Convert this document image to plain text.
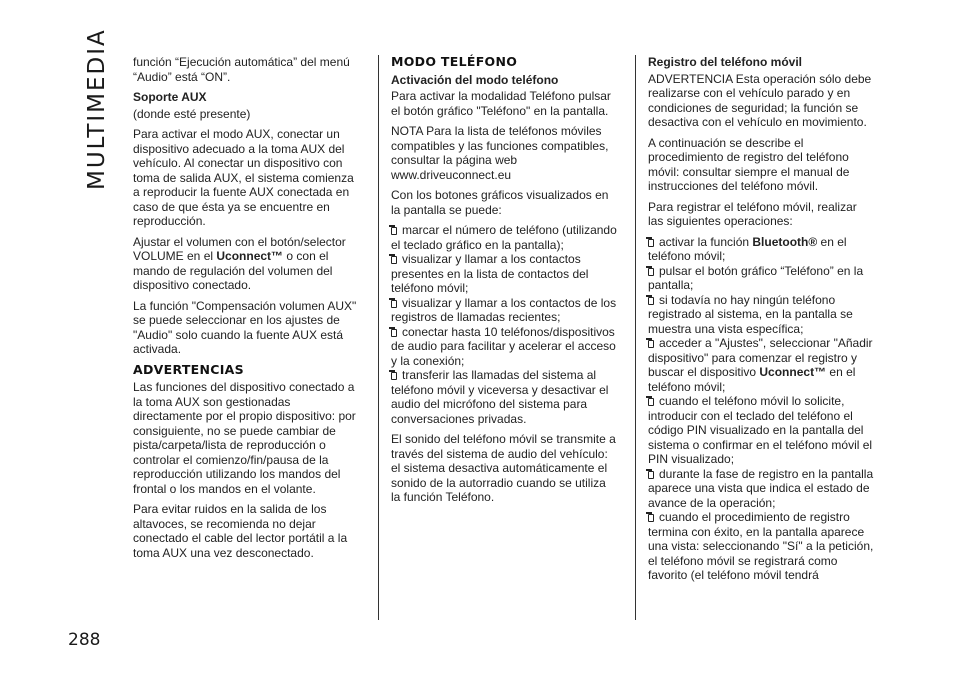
MULTIMEDIA
288

función “Ejecución automática” del menú “Audio” está “ON”.

Soporte AUX

(donde esté presente)

Para activar el modo AUX, conectar un dispositivo adecuado a la toma AUX del vehículo. Al conectar un dispositivo con toma de salida AUX, el sistema comienza a reproducir la fuente AUX conectada en caso de que ésta ya se encuentre en reproducción.

Ajustar el volumen con el botón/selector VOLUME en el Uconnect™ o con el mando de regulación del volumen del dispositivo conectado.

La función "Compensación volumen AUX" se puede seleccionar en los ajustes de "Audio" solo cuando la fuente AUX está activada.

ADVERTENCIAS

Las funciones del dispositivo conectado a la toma AUX son gestionadas directamente por el propio dispositivo: por consiguiente, no se puede cambiar de pista/carpeta/lista de reproducción o controlar el comienzo/fin/pausa de la reproducción utilizando los mandos del frontal o los mandos en el volante.

Para evitar ruidos en la salida de los altavoces, se recomienda no dejar conectado el cable del lector portátil a la toma AUX una vez desconectado.

MODO TELÉFONO
Activación del modo teléfono

Para activar la modalidad Teléfono pulsar el botón gráfico "Teléfono" en la pantalla.

NOTA Para la lista de teléfonos móviles compatibles y las funciones compatibles, consultar la página web www.driveuconnect.eu

Con los botones gráficos visualizados en la pantalla se puede:

marcar el número de teléfono (utilizando el teclado gráfico en la pantalla);
visualizar y llamar a los contactos presentes en la lista de contactos del teléfono móvil;
visualizar y llamar a los contactos de los registros de llamadas recientes;
conectar hasta 10 teléfonos/dispositivos de audio para facilitar y acelerar el acceso y la conexión;
transferir las llamadas del sistema al teléfono móvil y viceversa y desactivar el audio del micrófono del sistema para conversaciones privadas.

El sonido del teléfono móvil se transmite a través del sistema de audio del vehículo: el sistema desactiva automáticamente el sonido de la autorradio cuando se utiliza la función Teléfono.

Registro del teléfono móvil

ADVERTENCIA Esta operación sólo debe realizarse con el vehículo parado y en condiciones de seguridad; la función se desactiva con el vehículo en movimiento.

A continuación se describe el procedimiento de registro del teléfono móvil: consultar siempre el manual de instrucciones del teléfono móvil.

Para registrar el teléfono móvil, realizar las siguientes operaciones:

activar la función Bluetooth® en el teléfono móvil;
pulsar el botón gráfico “Teléfono” en la pantalla;
si todavía no hay ningún teléfono registrado al sistema, en la pantalla se muestra una vista específica;
acceder a "Ajustes", seleccionar "Añadir dispositivo" para comenzar el registro y buscar el dispositivo Uconnect™ en el teléfono móvil;
cuando el teléfono móvil lo solicite, introducir con el teclado del teléfono el código PIN visualizado en la pantalla del sistema o confirmar en el teléfono móvil el PIN visualizado;
durante la fase de registro en la pantalla aparece una vista que indica el estado de avance de la operación;
cuando el procedimiento de registro termina con éxito, en la pantalla aparece una vista: seleccionando "Sí" a la petición, el teléfono móvil se registrará como favorito (el teléfono móvil tendrá
